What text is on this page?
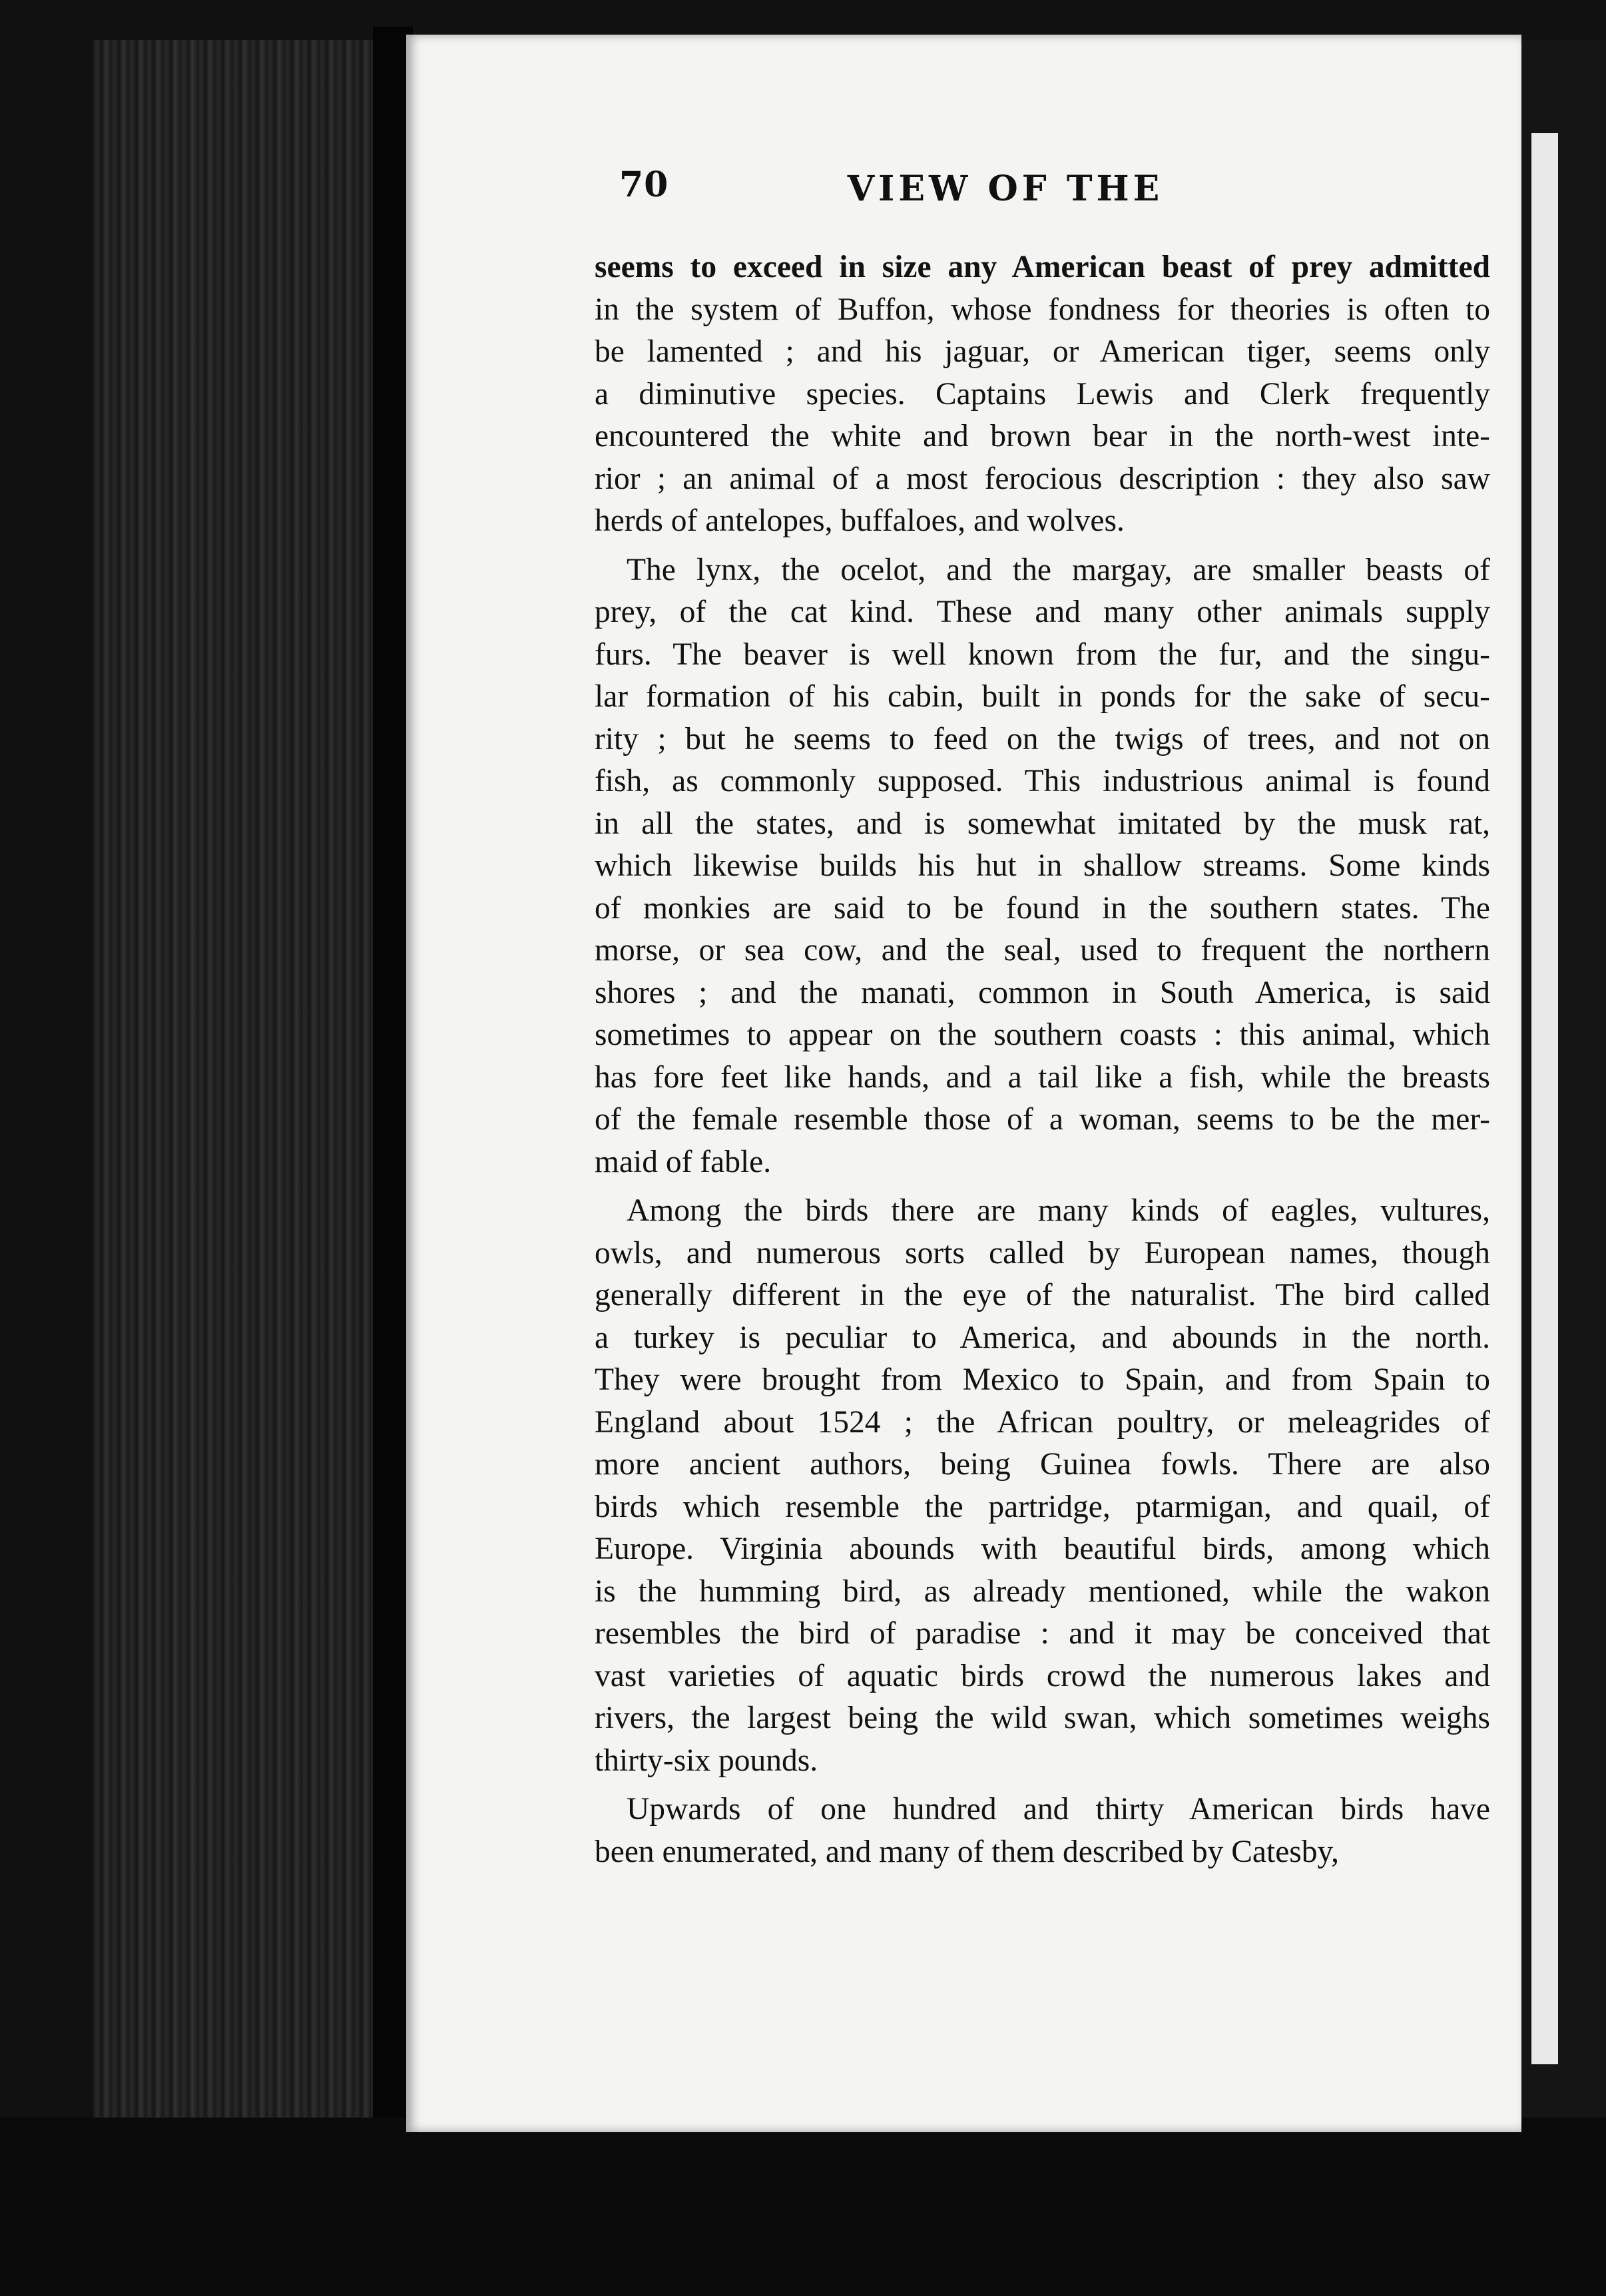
70	VIEW OF THE
seems to exceed in size any American beast of prey admitted
in the system of Buffon, whose fondness for theories is often to
be lamented ; and his jaguar, or American tiger, seems only
a diminutive species. Captains Lewis and Clerk frequently
encountered the white and brown bear in the north-west inte-
rior ; an animal of a most ferocious description : they also saw
herds of antelopes, buffaloes, and wolves.
The lynx, the ocelot, and the margay, are smaller beasts of
prey, of the cat kind. These and many other animals supply
furs. The beaver is well known from the fur, and the singu-
lar formation of his cabin, built in ponds for the sake of secu-
rity ; but he seems to feed on the twigs of trees, and not on
fish, as commonly supposed. This industrious animal is found
in all the states, and is somewhat imitated by the musk rat,
which likewise builds his hut in shallow streams. Some kinds
of monkies are said to be found in the southern states. The
morse, or sea cow, and the seal, used to frequent the northern
shores ; and the manati, common in South America, is said
sometimes to appear on the southern coasts : this animal, which
has fore feet like hands, and a tail like a fish, while the breasts
of the female resemble those of a woman, seems to be the mer-
maid of fable.
Among the birds there are many kinds of eagles, vultures,
owls, and numerous sorts called by European names, though
generally different in the eye of the naturalist. The bird called
a turkey is peculiar to America, and abounds in the north.
They were brought from Mexico to Spain, and from Spain to
England about 1524 ; the African poultry, or meleagrides of
more ancient authors, being Guinea fowls. There are also
birds which resemble the partridge, ptarmigan, and quail, of
Europe. Virginia abounds with beautiful birds, among which
is the humming bird, as already mentioned, while the wakon
resembles the bird of paradise : and it may be conceived that
vast varieties of aquatic birds crowd the numerous lakes and
rivers, the largest being the wild swan, which sometimes weighs
thirty-six pounds.
Upwards of one hundred and thirty American birds have
been enumerated, and many of them described by Catesby,
